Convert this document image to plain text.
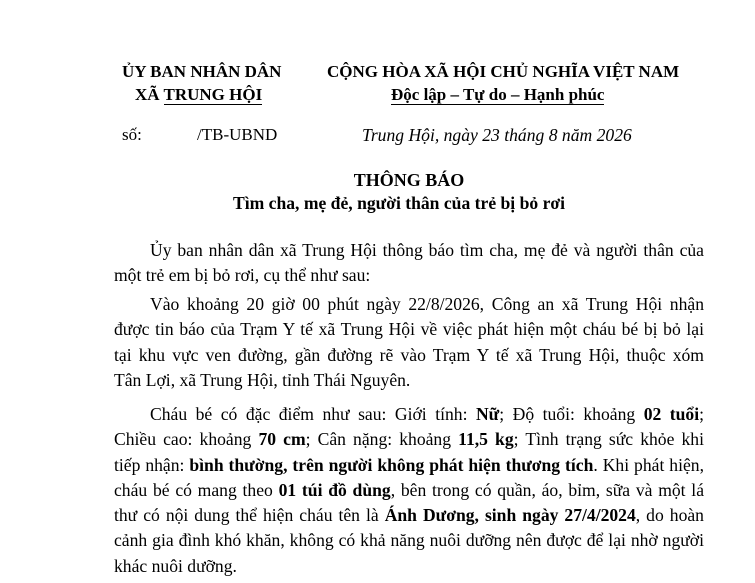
ỦY BAN NHÂN DÂN
XÃ TRUNG HỘI
CỘNG HÒA XÃ HỘI CHỦ NGHĨA VIỆT NAM
Độc lập – Tự do – Hạnh phúc
số:	/TB-UBND	Trung Hội, ngày 23 tháng 8 năm 2026
THÔNG BÁO
Tìm cha, mẹ đẻ, người thân của trẻ bị bỏ rơi
Ủy ban nhân dân xã Trung Hội thông báo tìm cha, mẹ đẻ và người thân của
một trẻ em bị bỏ rơi, cụ thể như sau:
Vào khoảng 20 giờ 00 phút ngày 22/8/2026, Công an xã Trung Hội nhận
được tin báo của Trạm Y tế xã Trung Hội về việc phát hiện một cháu bé bị bỏ lại
tại khu vực ven đường, gần đường rẽ vào Trạm Y tế xã Trung Hội, thuộc xóm
Tân Lợi, xã Trung Hội, tỉnh Thái Nguyên.
Cháu bé có đặc điểm như sau: Giới tính: Nữ; Độ tuổi: khoảng 02 tuổi;
Chiều cao: khoảng 70 cm; Cân nặng: khoảng 11,5 kg; Tình trạng sức khỏe khi
tiếp nhận: bình thường, trên người không phát hiện thương tích. Khi phát hiện,
cháu bé có mang theo 01 túi đồ dùng, bên trong có quần, áo, bỉm, sữa và một lá
thư có nội dung thể hiện cháu tên là Ánh Dương, sinh ngày 27/4/2024, do hoàn
cảnh gia đình khó khăn, không có khả năng nuôi dưỡng nên được để lại nhờ người
khác nuôi dưỡng.
